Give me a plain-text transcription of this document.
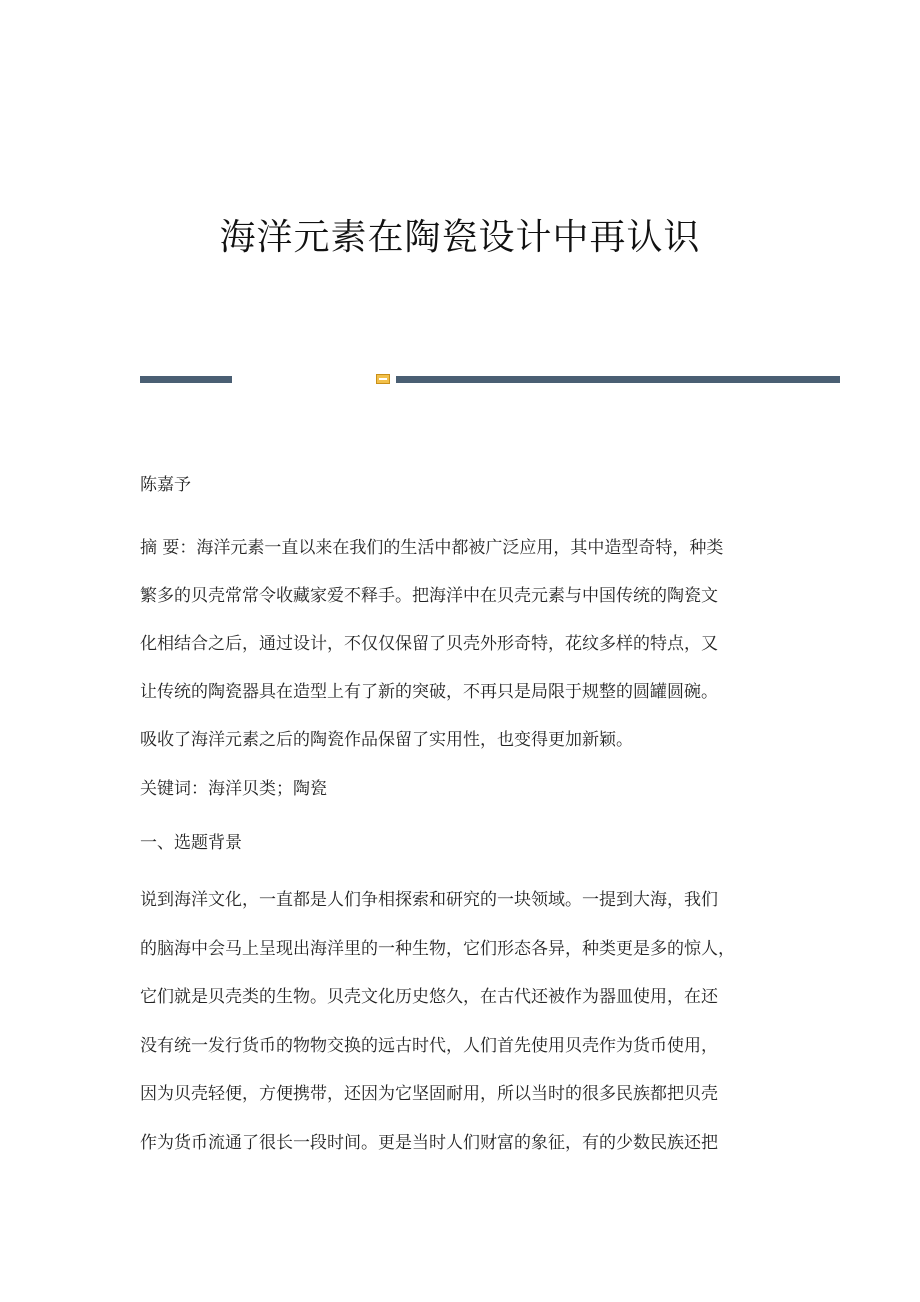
海洋元素在陶瓷设计中再认识
陈嘉予
摘 要：海洋元素一直以来在我们的生活中都被广泛应用，其中造型奇特，种类
繁多的贝壳常常令收藏家爱不释手。把海洋中在贝壳元素与中国传统的陶瓷文
化相结合之后，通过设计，不仅仅保留了贝壳外形奇特，花纹多样的特点，又
让传统的陶瓷器具在造型上有了新的突破，不再只是局限于规整的圆罐圆碗。
吸收了海洋元素之后的陶瓷作品保留了实用性，也变得更加新颖。
关键词：海洋贝类；陶瓷
一、选题背景
说到海洋文化，一直都是人们争相探索和研究的一块领域。一提到大海，我们
的脑海中会马上呈现出海洋里的一种生物，它们形态各异，种类更是多的惊人，
它们就是贝壳类的生物。贝壳文化历史悠久，在古代还被作为器皿使用，在还
没有统一发行货币的物物交换的远古时代，人们首先使用贝壳作为货币使用，
因为贝壳轻便，方便携带，还因为它坚固耐用，所以当时的很多民族都把贝壳
作为货币流通了很长一段时间。更是当时人们财富的象征，有的少数民族还把
